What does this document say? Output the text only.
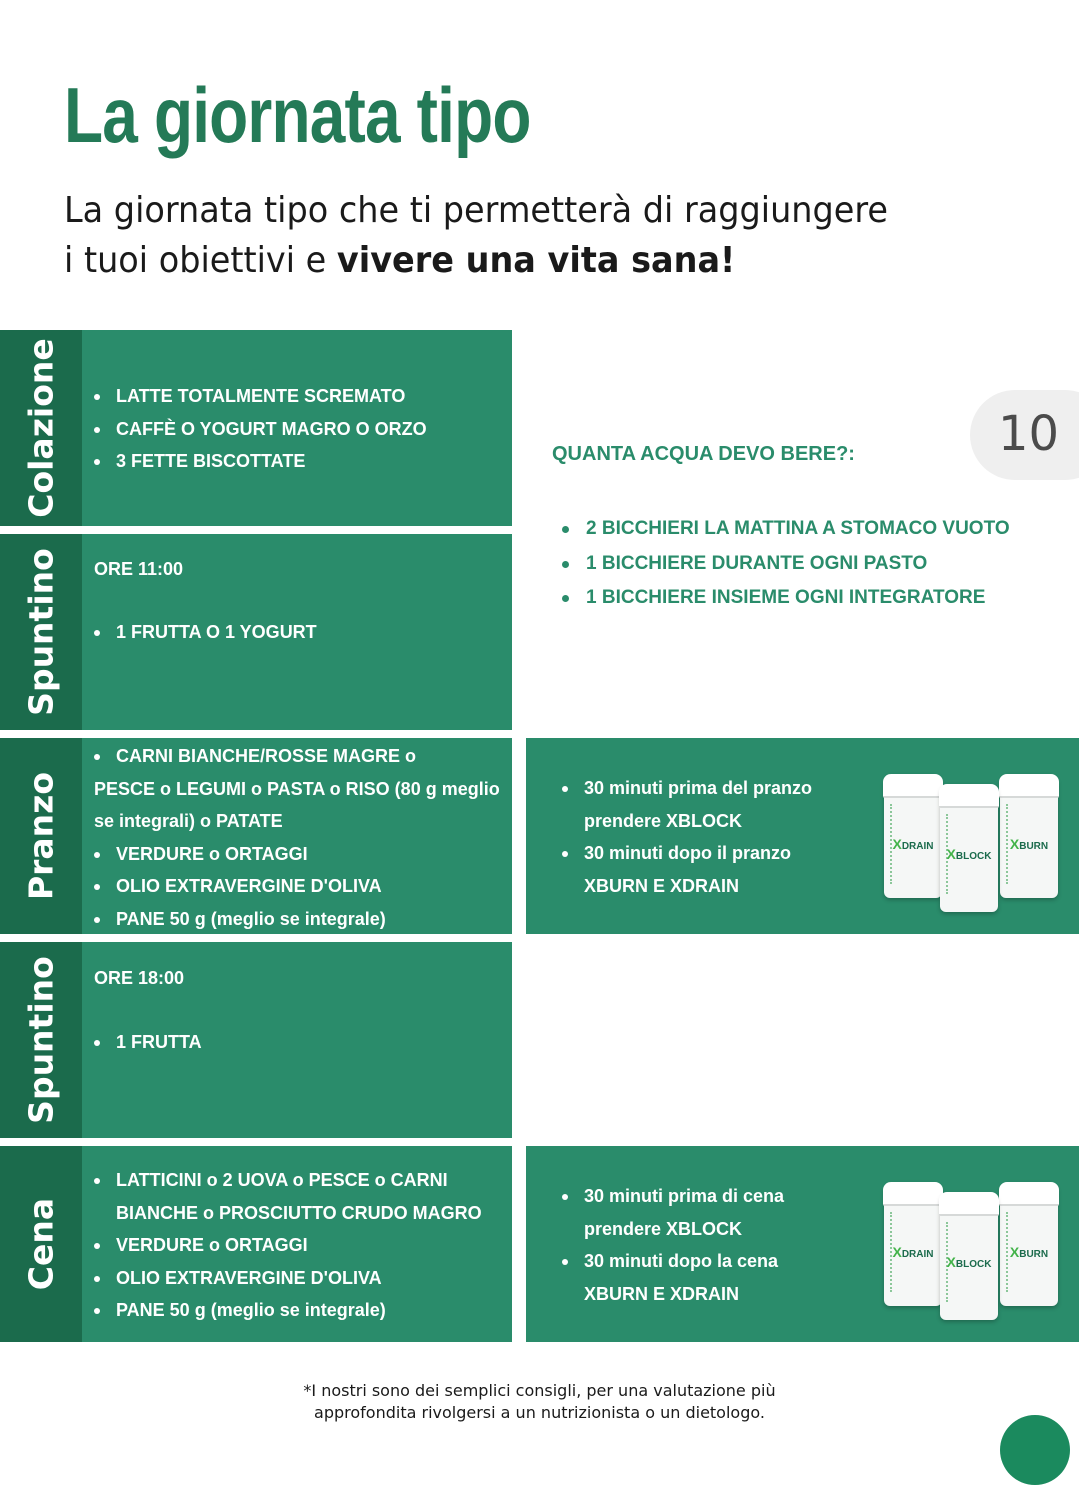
La giornata tipo

La giornata tipo che ti permetterà di raggiungere
i tuoi obiettivi e vivere una vita sana!

Colazione	LATTE TOTALMENTE SCREMATO
CAFFÈ O YOGURT MAGRO O ORZO
3 FETTE BISCOTTATE
Spuntino ORE 11:00
1 FRUTTA O 1 YOGURT
Pranzo
CARNI BIANCHE/ROSSE MAGRE o
PESCE o LEGUMI o PASTA o RISO (80 g meglio
se integrali) o PATATE
VERDURE o ORTAGGI
OLIO EXTRAVERGINE D'OLIVA
PANE 50 g (meglio se integrale)
Spuntino ORE 18:00
1 FRUTTA
Cena
LATTICINI o 2 UOVA o PESCE o CARNI BIANCHE o PROSCIUTTO CRUDO MAGRO
VERDURE o ORTAGGI
OLIO EXTRAVERGINE D'OLIVA
PANE 50 g (meglio se integrale)

QUANTA ACQUA DEVO BERE?:

2 BICCHIERI LA MATTINA A STOMACO VUOTO
1 BICCHIERE DURANTE OGNI PASTO
1 BICCHIERE INSIEME OGNI INTEGRATORE
10
30 minuti prima del pranzo prendere XBLOCK
30 minuti dopo il pranzo XBURN E XDRAIN
XDRAIN	XBURN
XBLOCK
30 minuti prima di cena prendere XBLOCK
30 minuti dopo la cena XBURN E XDRAIN
XDRAIN	XBURN
XBLOCK
*I nostri sono dei semplici consigli, per una valutazione più
approfondita rivolgersi a un nutrizionista o un dietologo.
